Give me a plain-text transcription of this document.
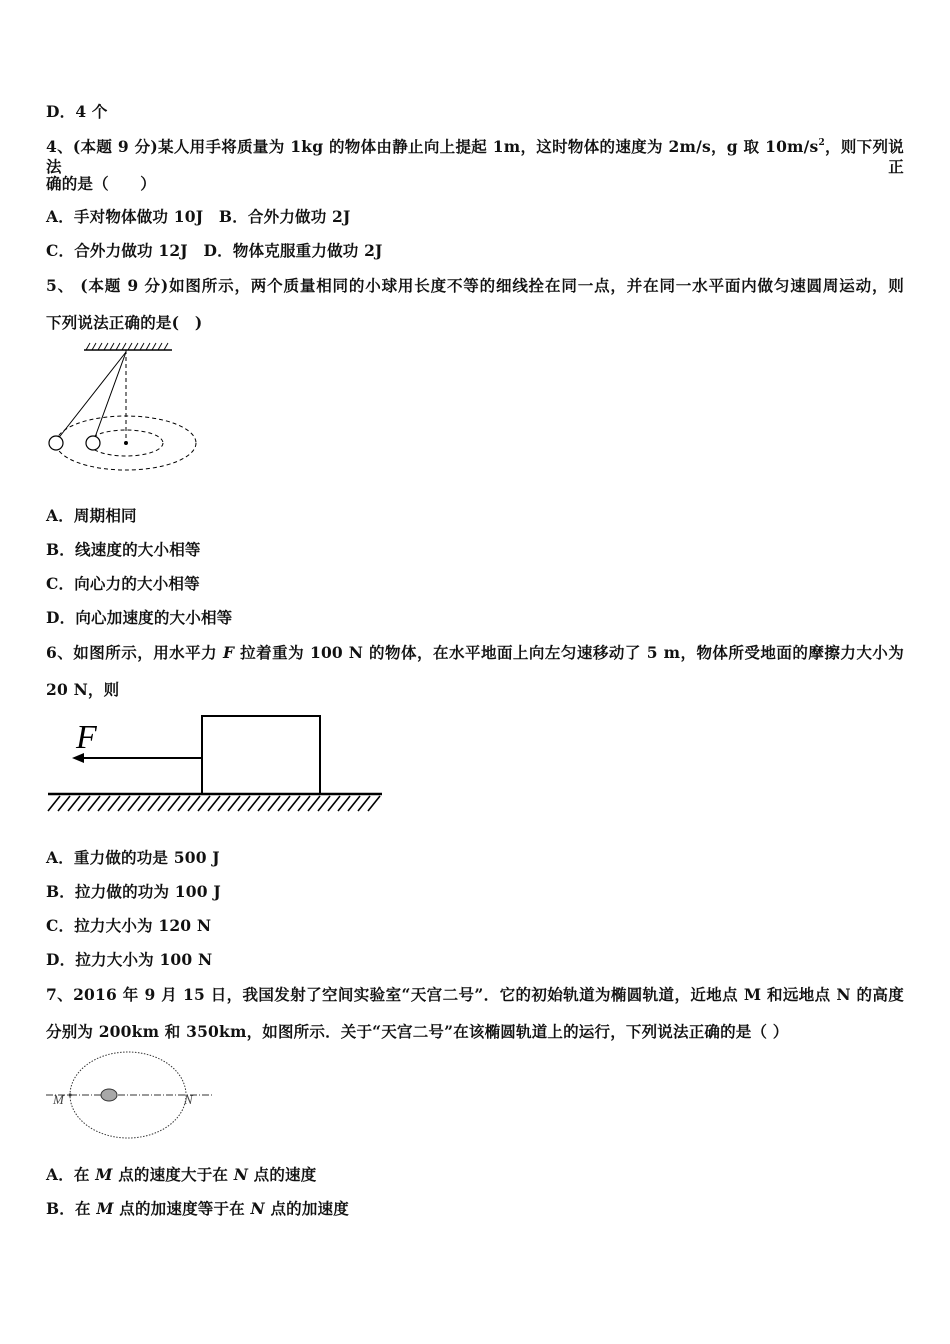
D．4 个
4、(本题 9 分)某人用手将质量为 1kg 的物体由静止向上提起 1m，这时物体的速度为 2m/s，g 取 $10m/s^2$，则下列说法正
确的是（　　）
A．手对物体做功 10J　B．合外力做功 2J
C．合外力做功 12J　D．物体克服重力做功 2J
5、 (本题 9 分)如图所示，两个质量相同的小球用长度不等的细线拴在同一点，并在同一水平面内做匀速圆周运动，则
下列说法正确的是(　)
A．周期相同
B．线速度的大小相等
C．向心力的大小相等
D．向心加速度的大小相等
6、如图所示，用水平力 F 拉着重为 100 N 的物体，在水平地面上向左匀速移动了 5 m，物体所受地面的摩擦力大小为
20 N，则
F
A．重力做的功是 500 J
B．拉力做的功为 100 J
C．拉力大小为 120 N
D．拉力大小为 100 N
7、2016 年 9 月 15 日，我国发射了空间实验室“天宫二号”．它的初始轨道为椭圆轨道，近地点 M 和远地点 N 的高度
分别为 200km 和 350km，如图所示．关于“天宫二号”在该椭圆轨道上的运行，下列说法正确的是（ ）
M	N
A．在 M 点的速度大于在 N 点的速度
B．在 M 点的加速度等于在 N 点的加速度
